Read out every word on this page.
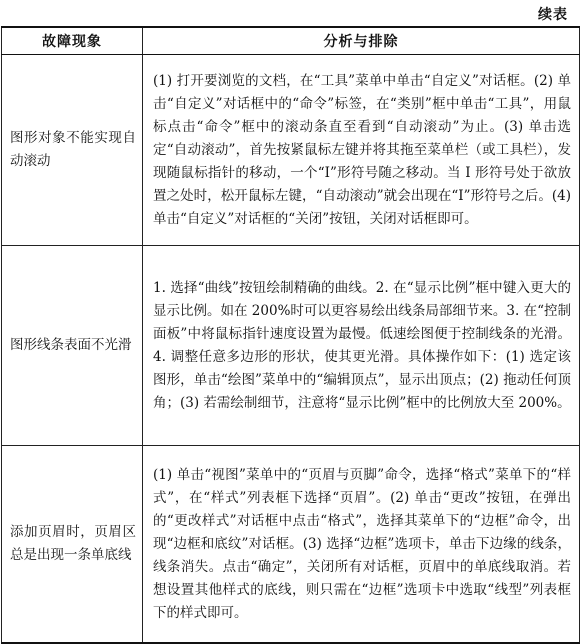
续表
故障现象	分析与排除
图形对象不能实现自动滚动	(1) 打开要浏览的文档，在“工具”菜单中单击“自定义”对话框。(2) 单击“自定义”对话框中的“命令”标签，在“类别”框中单击“工具”，用鼠标点击“命令”框中的滚动条直至看到“自动滚动”为止。(3) 单击选定“自动滚动”，首先按紧鼠标左键并将其拖至菜单栏（或工具栏），发现随鼠标指针的移动，一个“I”形符号随之移动。当 I 形符号处于欲放置之处时，松开鼠标左键，“自动滚动”就会出现在“I”形符号之后。(4) 单击“自定义”对话框的“关闭”按钮，关闭对话框即可。
图形线条表面不光滑	1. 选择“曲线”按钮绘制精确的曲线。2. 在“显示比例”框中键入更大的显示比例。如在 200%时可以更容易绘出线条局部细节来。3. 在“控制面板”中将鼠标指针速度设置为最慢。低速绘图便于控制线条的光滑。4. 调整任意多边形的形状，使其更光滑。具体操作如下：(1) 选定该图形，单击“绘图”菜单中的“编辑顶点”，显示出顶点；(2) 拖动任何顶角；(3) 若需绘制细节，注意将“显示比例”框中的比例放大至 200%。
添加页眉时，页眉区总是出现一条单底线	(1) 单击“视图”菜单中的“页眉与页脚”命令，选择“格式”菜单下的“样式”，在“样式”列表框下选择“页眉”。(2) 单击“更改”按钮，在弹出的“更改样式”对话框中点击“格式”，选择其菜单下的“边框”命令，出现“边框和底纹”对话框。(3) 选择“边框”选项卡，单击下边缘的线条，线条消失。点击“确定”，关闭所有对话框，页眉中的单底线取消。若想设置其他样式的底线，则只需在“边框”选项卡中选取“线型”列表框下的样式即可。
